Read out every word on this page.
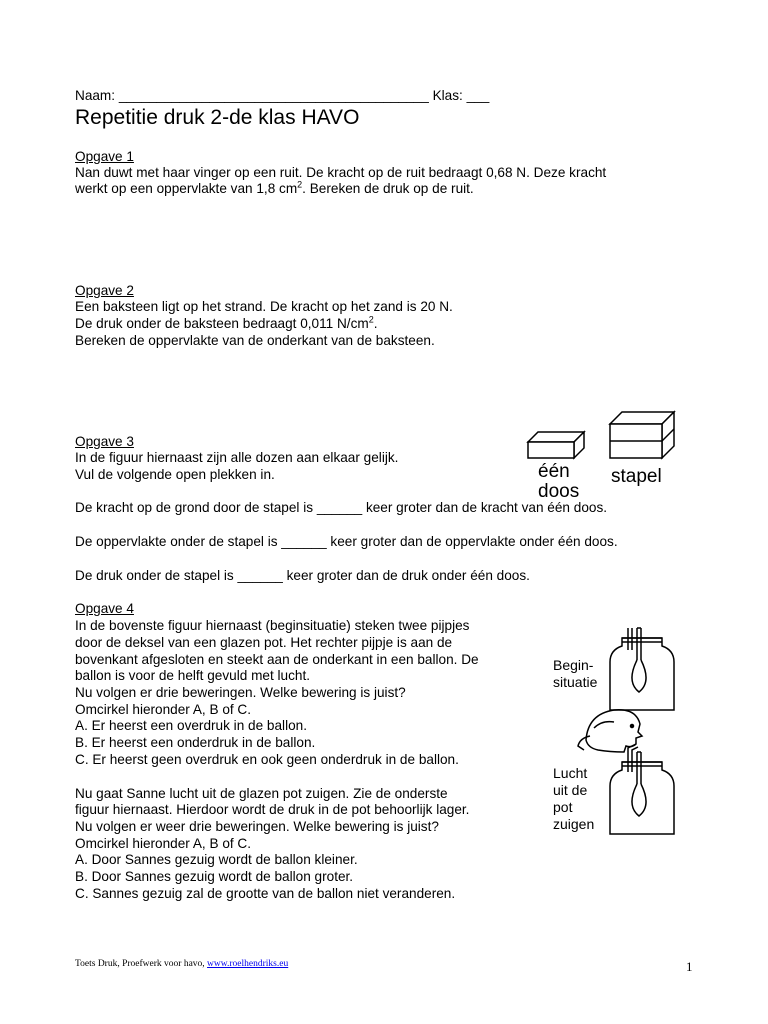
Naam: _________________________________________ Klas: ___
Repetitie druk 2-de klas HAVO
Opgave 1
Nan duwt met haar vinger op een ruit. De kracht op de ruit bedraagt 0,68 N. Deze kracht
werkt op een oppervlakte van 1,8 $cm^2$. Bereken de druk op de ruit.
Opgave 2
Een baksteen ligt op het strand. De kracht op het zand is 20 N.
De druk onder de baksteen bedraagt 0,011 $N/cm^2$.
Bereken de oppervlakte van de onderkant van de baksteen.
Opgave 3
In de figuur hiernaast zijn alle dozen aan elkaar gelijk.
Vul de volgende open plekken in.
De kracht op de grond door de stapel is ______ keer groter dan de kracht van één doos.
De oppervlakte onder de stapel is ______ keer groter dan de oppervlakte onder één doos.
De druk onder de stapel is ______ keer groter dan de druk onder één doos.
één
doos
stapel
Opgave 4
In de bovenste figuur hiernaast (beginsituatie) steken twee pijpjes
door de deksel van een glazen pot. Het rechter pijpje is aan de
bovenkant afgesloten en steekt aan de onderkant in een ballon. De
ballon is voor de helft gevuld met lucht.
Nu volgen er drie beweringen. Welke bewering is juist?
Omcirkel hieronder A, B of C.
A. Er heerst een overdruk in de ballon.
B. Er heerst een onderdruk in de ballon.
C. Er heerst geen overdruk en ook geen onderdruk in de ballon.
Nu gaat Sanne lucht uit de glazen pot zuigen. Zie de onderste
figuur hiernaast. Hierdoor wordt de druk in de pot behoorlijk lager.
Nu volgen er weer drie beweringen. Welke bewering is juist?
Omcirkel hieronder A, B of C.
A. Door Sannes gezuig wordt de ballon kleiner.
B. Door Sannes gezuig wordt de ballon groter.
C. Sannes gezuig zal de grootte van de ballon niet veranderen.
Begin-
situatie
Lucht
uit de
pot
zuigen
Toets Druk, Proefwerk voor havo, www.roelhendriks.eu	1
